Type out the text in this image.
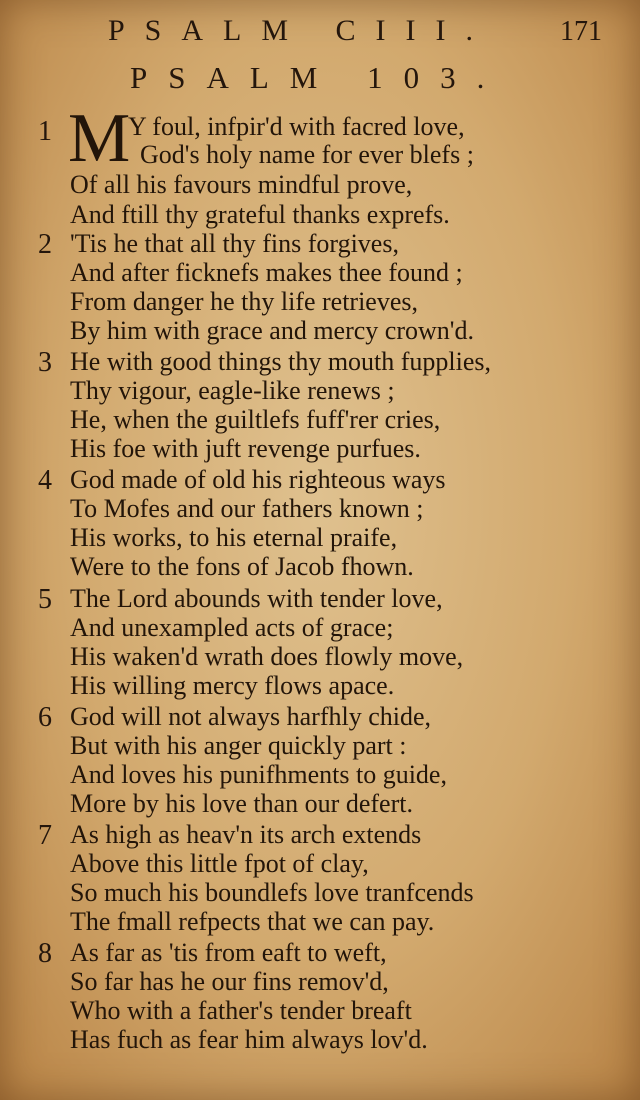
PSALM CIII. 171
PSALM 103.
1 M
Y foul, infpir'd with facred love,
God's holy name for ever blefs ;
Of all his favours mindful prove,
And ftill thy grateful thanks exprefs.
2 'Tis he that all thy fins forgives,
And after ficknefs makes thee found ;
From danger he thy life retrieves,
By him with grace and mercy crown'd.
3 He with good things thy mouth fupplies,
Thy vigour, eagle-like renews ;
He, when the guiltlefs fuff'rer cries,
His foe with juft revenge purfues.
4 God made of old his righteous ways
To Mofes and our fathers known ;
His works, to his eternal praife,
Were to the fons of Jacob fhown.
5 The Lord abounds with tender love,
And unexampled acts of grace;
His waken'd wrath does flowly move,
His willing mercy flows apace.
6 God will not always harfhly chide,
But with his anger quickly part :
And loves his punifhments to guide,
More by his love than our defert.
7 As high as heav'n its arch extends
Above this little fpot of clay,
So much his boundlefs love tranfcends
The fmall refpects that we can pay.
8 As far as 'tis from eaft to weft,
So far has he our fins remov'd,
Who with a father's tender breaft
Has fuch as fear him always lov'd.
